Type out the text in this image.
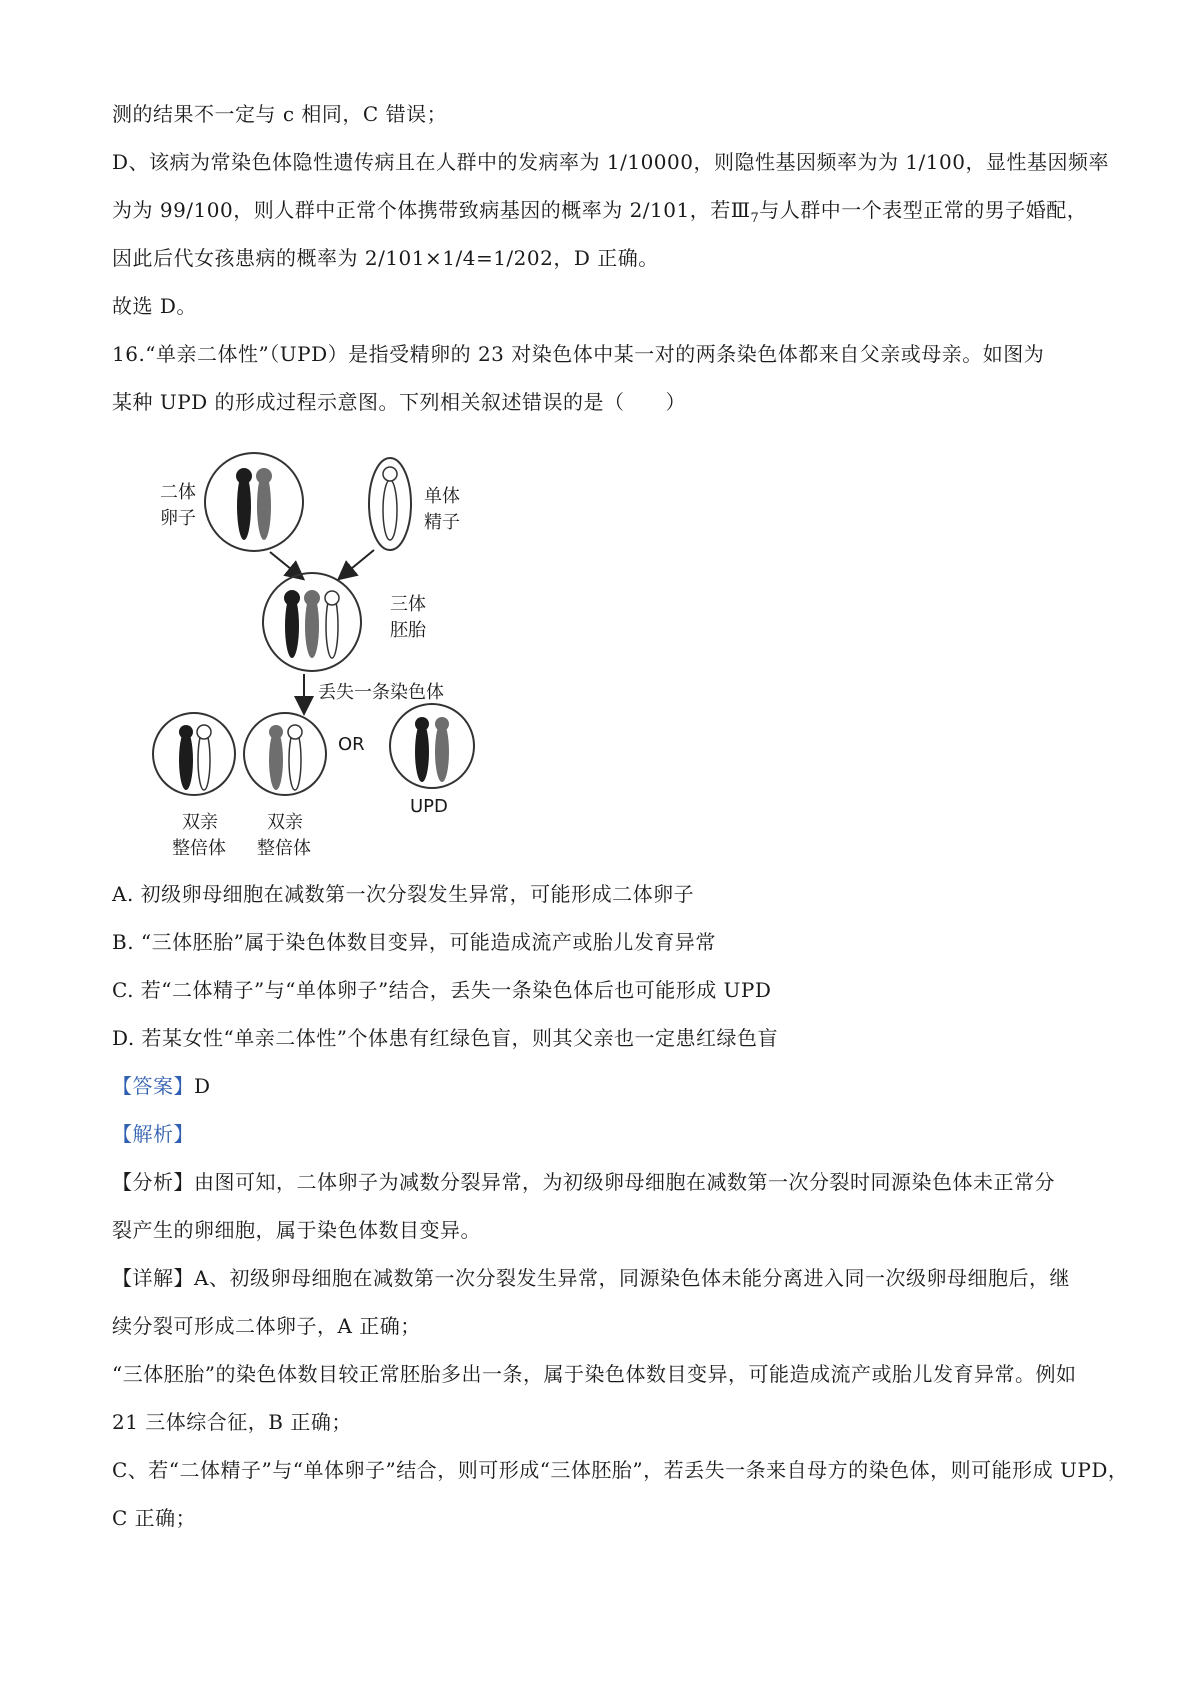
测的结果不一定与 c 相同，C 错误；
D、该病为常染色体隐性遗传病且在人群中的发病率为 1/10000，则隐性基因频率为为 1/100，显性基因频率
为为 99/100，则人群中正常个体携带致病基因的概率为 2/101，若$Ⅲ_7$与人群中一个表型正常的男子婚配，
因此后代女孩患病的概率为 2/101×1/4=1/202，D 正确。
故选 D。
16.“单亲二体性”（UPD）是指受精卵的 23 对染色体中某一对的两条染色体都来自父亲或母亲。如图为
某种 UPD 的形成过程示意图。下列相关叙述错误的是（　　）
二体
卵子
单体
精子
三体
胚胎
丢失一条染色体
双亲
整倍体
双亲
整倍体
OR
UPD
A. 初级卵母细胞在减数第一次分裂发生异常，可能形成二体卵子
B. “三体胚胎”属于染色体数目变异，可能造成流产或胎儿发育异常
C. 若“二体精子”与“单体卵子”结合，丢失一条染色体后也可能形成 UPD
D. 若某女性“单亲二体性”个体患有红绿色盲，则其父亲也一定患红绿色盲
【答案】D
【解析】
【分析】由图可知，二体卵子为减数分裂异常，为初级卵母细胞在减数第一次分裂时同源染色体未正常分
裂产生的卵细胞，属于染色体数目变异。
【详解】A、初级卵母细胞在减数第一次分裂发生异常，同源染色体未能分离进入同一次级卵母细胞后，继
续分裂可形成二体卵子，A 正确；
“三体胚胎”的染色体数目较正常胚胎多出一条，属于染色体数目变异，可能造成流产或胎儿发育异常。例如
21 三体综合征，B 正确；
C、若“二体精子”与“单体卵子”结合，则可形成“三体胚胎”，若丢失一条来自母方的染色体，则可能形成 UPD，
C 正确；
